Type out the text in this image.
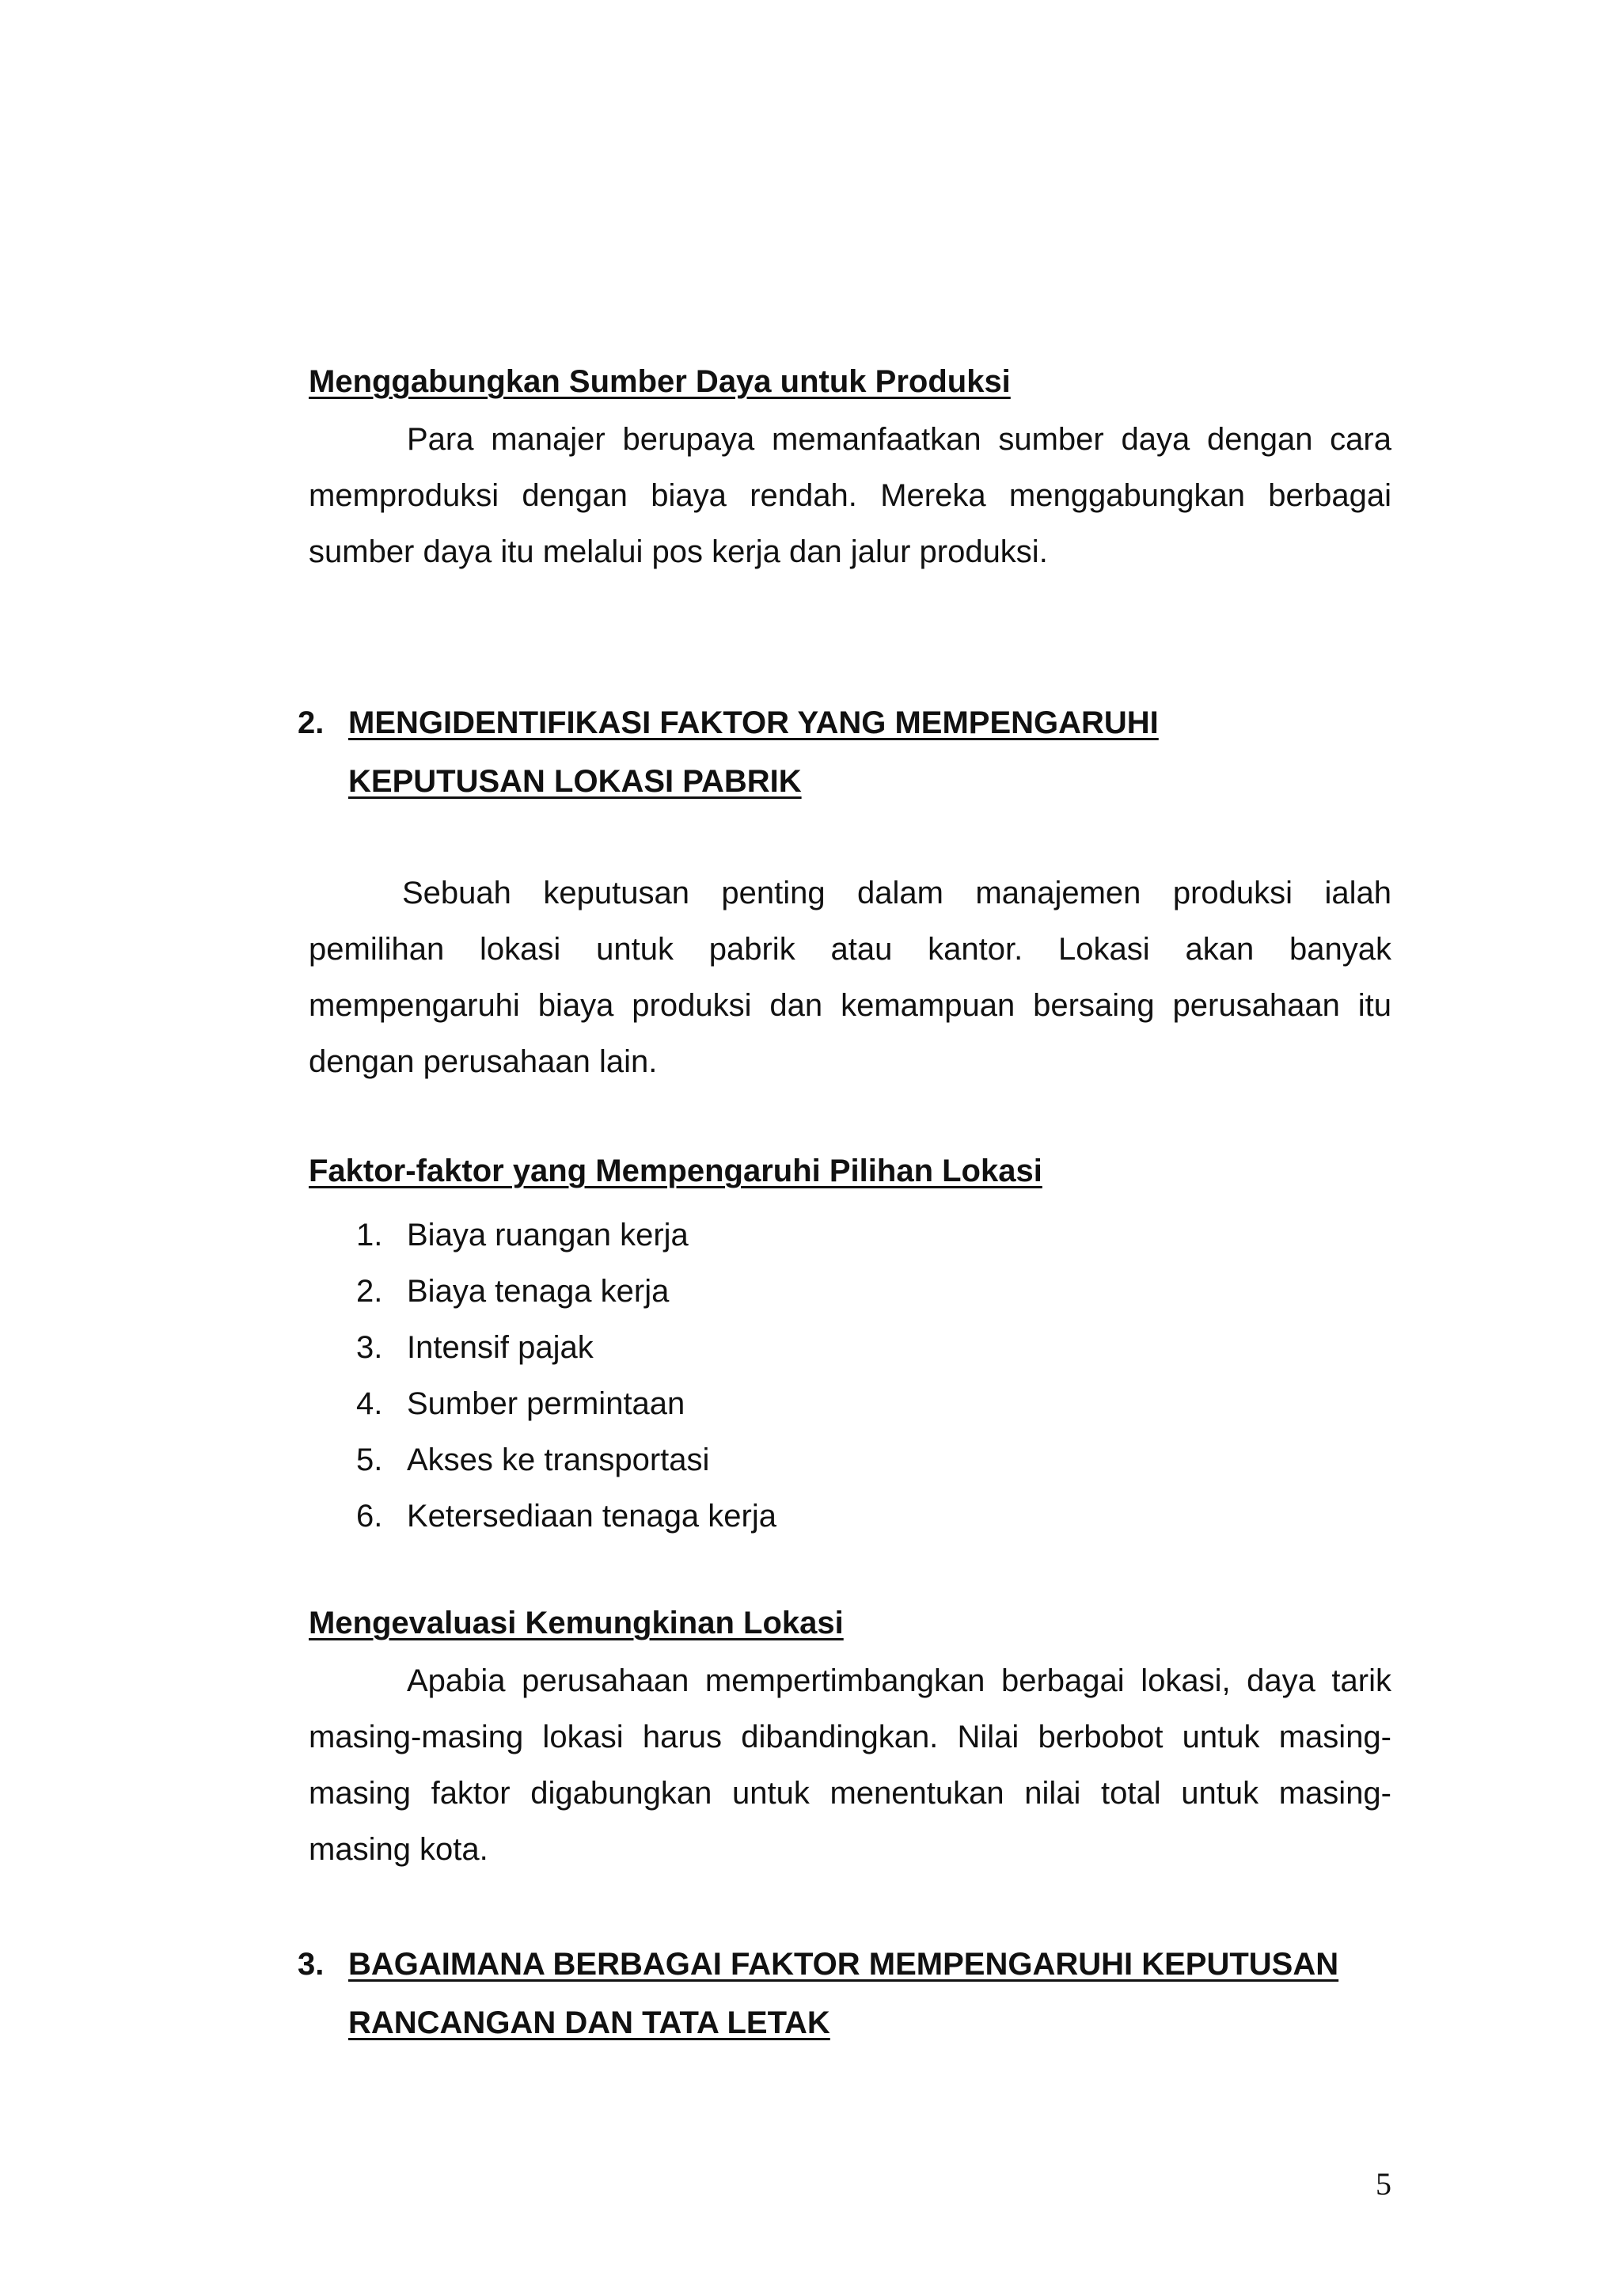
Menggabungkan Sumber Daya untuk Produksi

Para manajer berupaya memanfaatkan sumber daya dengan cara memproduksi dengan biaya rendah. Mereka menggabungkan berbagai sumber daya itu melalui pos kerja dan jalur produksi.

2. MENGIDENTIFIKASI FAKTOR YANG MEMPENGARUHI
KEPUTUSAN LOKASI PABRIK

Sebuah keputusan penting dalam manajemen produksi ialah pemilihan lokasi untuk pabrik atau kantor. Lokasi akan banyak mempengaruhi biaya produksi dan kemampuan bersaing perusahaan itu dengan perusahaan lain.

Faktor-faktor yang Mempengaruhi Pilihan Lokasi

1. Biaya ruangan kerja
2. Biaya tenaga kerja
3. Intensif pajak
4. Sumber permintaan
5. Akses ke transportasi
6. Ketersediaan tenaga kerja

Mengevaluasi Kemungkinan Lokasi

Apabia perusahaan mempertimbangkan berbagai lokasi, daya tarik masing-masing lokasi harus dibandingkan. Nilai berbobot untuk masing-masing faktor digabungkan untuk menentukan nilai total untuk masing-masing kota.

3. BAGAIMANA BERBAGAI FAKTOR MEMPENGARUHI KEPUTUSAN
RANCANGAN DAN TATA LETAK
5
